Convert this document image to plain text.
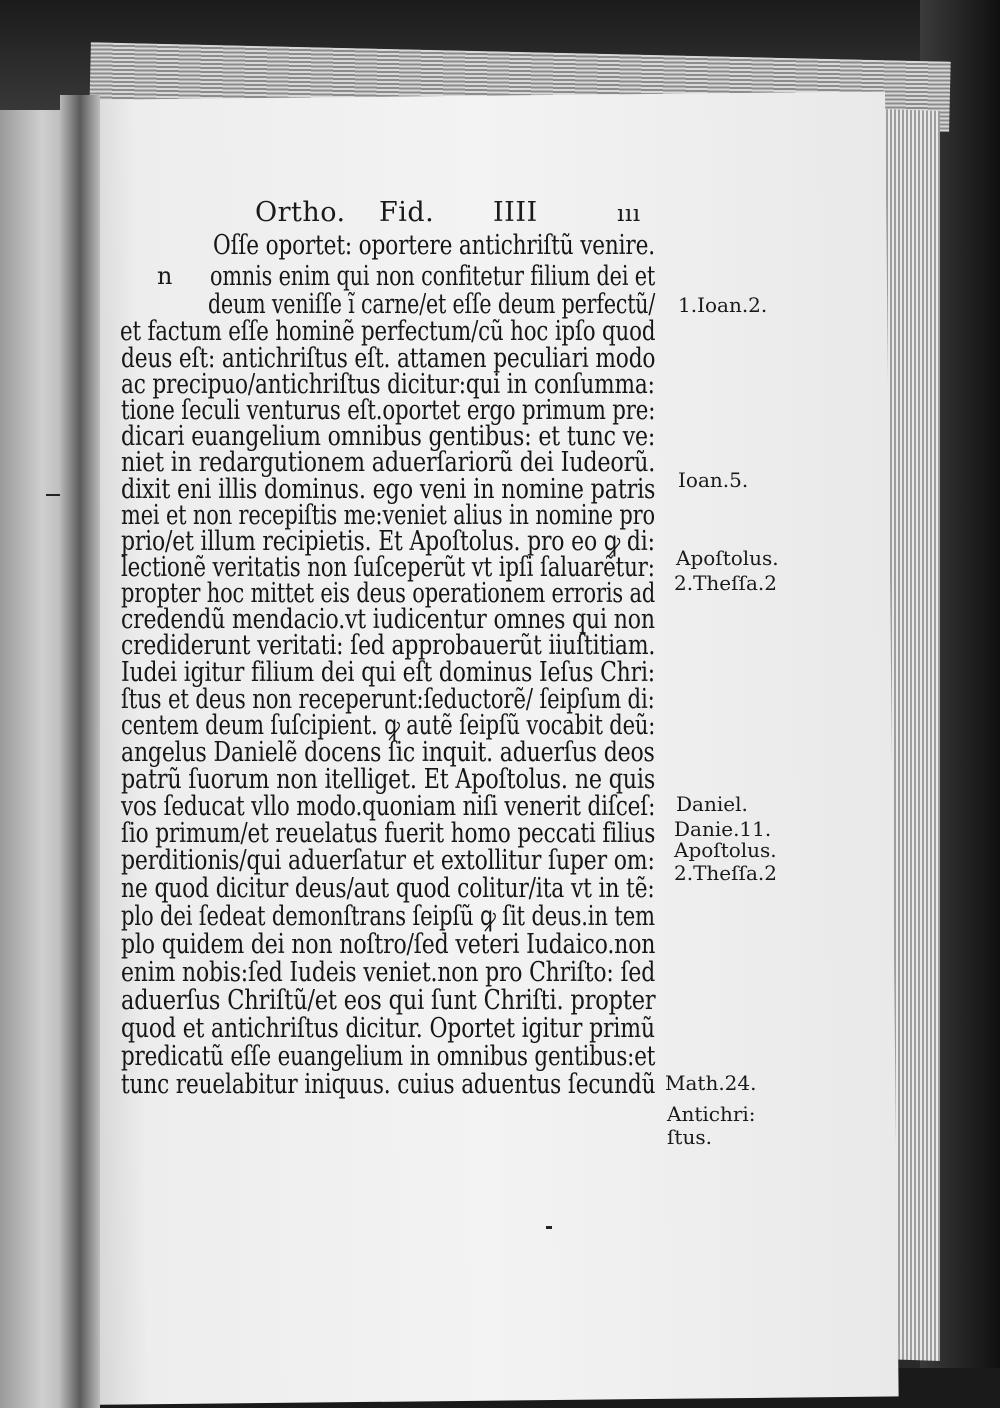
Ortho.

Fid.

IIII

	ııı

n
Oſſe oportet: oportere antichriſtũ venire.
omnis enim qui non confitetur filium dei et
deum veniſſe ĩ carne/et eſſe deum perfectũ/
et factum eſſe hominẽ perfectum/cũ hoc ipſo quod
deus eſt: antichriſtus eſt. attamen peculiari modo
ac precipuo/antichriſtus dicitur:qui in conſumma:
tione ſeculi venturus eſt.oportet ergo primum pre:
dicari euangelium omnibus gentibus: et tunc ve:
niet in redargutionem aduerſariorũ dei Iudeorũ.
dixit eni illis dominus. ego veni in nomine patris
mei et non recepiſtis me:veniet alius in nomine pro
prio/et illum recipietis. Et Apoſtolus. pro eo ꝙ di:
lectionẽ veritatis non ſuſceperũt vt ipſi ſaluarẽtur:
propter hoc mittet eis deus operationem erroris ad
credendũ mendacio.vt iudicentur omnes qui non
crediderunt veritati: ſed approbauerũt iiuſtitiam.
Iudei igitur filium dei qui eſt dominus Ieſus Chri:
ſtus et deus non receperunt:ſeductorẽ/ ſeipſum di:
centem deum ſuſcipient. ꝙ autẽ ſeipſũ vocabit deũ:
angelus Danielẽ docens ſic inquit. aduerſus deos
patrũ ſuorum non itelliget. Et Apoſtolus. ne quis
vos ſeducat vllo modo.quoniam niſi venerit diſceſ:
ſio primum/et reuelatus fuerit homo peccati filius
perditionis/qui aduerſatur et extollitur ſuper om:
ne quod dicitur deus/aut quod colitur/ita vt in tẽ:
plo dei ſedeat demonſtrans ſeipſũ ꝙ ſit deus.in tem
plo quidem dei non noſtro/ſed veteri Iudaico.non
enim nobis:ſed Iudeis veniet.non pro Chriſto: ſed
aduerſus Chriſtũ/et eos qui ſunt Chriſti. propter
quod et antichriſtus dicitur. Oportet igitur primũ
predicatũ eſſe euangelium in omnibus gentibus:et
tunc reuelabitur iniquus. cuius aduentus ſecundũ
1.Ioan.2.
Ioan.5.
Apoſtolus.
2.Theſſa.2
Daniel.
Danie.11.
Apoſtolus.
2.Theſſa.2
Math.24.
Antichri:
ſtus.
